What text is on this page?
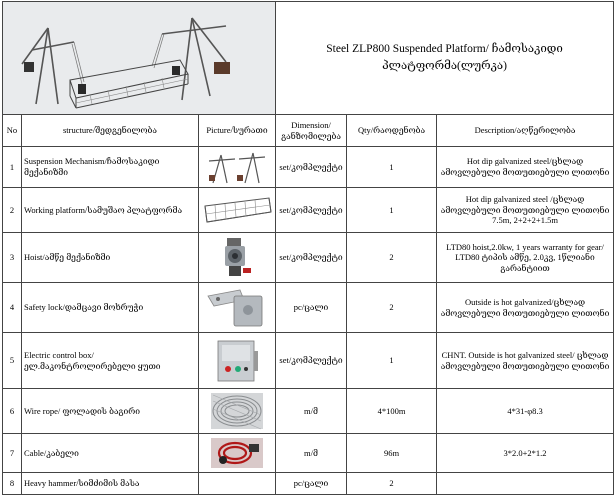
Steel ZLP800 Suspended Platform/ ჩამოსაკიდი
პლატფორმა(ლურკა)		

No	structure/შედგენილობა	Picture/სურათი	Dimension/
განზომილება	Qty/რაოდენობა	Description/აღწერილობა
1	Suspension Mechanism/ჩამოსაკიდი მექანიზმი		set/კომპლექტი	1	Hot dip galvanized steel/ცხლად ამოვლებული მოთუთიებული ლითონი
2	Working platform/სამუშაო პლატფორმა		set/კომპლექტი	1	Hot dip galvanized steel /ცხლად ამოვლებული მოთუთიებული ლითონი 7.5m, 2+2+2+1.5m
3	Hoist/ამწე მექანიზმი		set/კომპლექტი	2	LTD80 hoist,2.0kw, 1 years warranty for gear/ LTD80 ტიპის ამწე, 2.0კვ, 1წლიანი გარანტიით
4	Safety lock/დამცავი მოხრუჭი		pc/ცალი	2	Outside is hot galvanized/ცხლად ამოვლებული მოთუთიებული ლითონი
5	Electric control box/ ელ.მაკონტროლირებელი ყუთი		set/კომპლექტი	1	CHNT. Outside is hot galvanized steel/ ცხლად ამოვლებული მოთუთიებული ლითონი
6	Wire rope/ ფოლადის ბაგირი		m/მ	4*100m	4*31-φ8.3
7	Cable/კაბელი		m/მ	96m	3*2.0+2*1.2
8	Heavy hammer/სიმძიმის მასა		pc/ცალი	2	
